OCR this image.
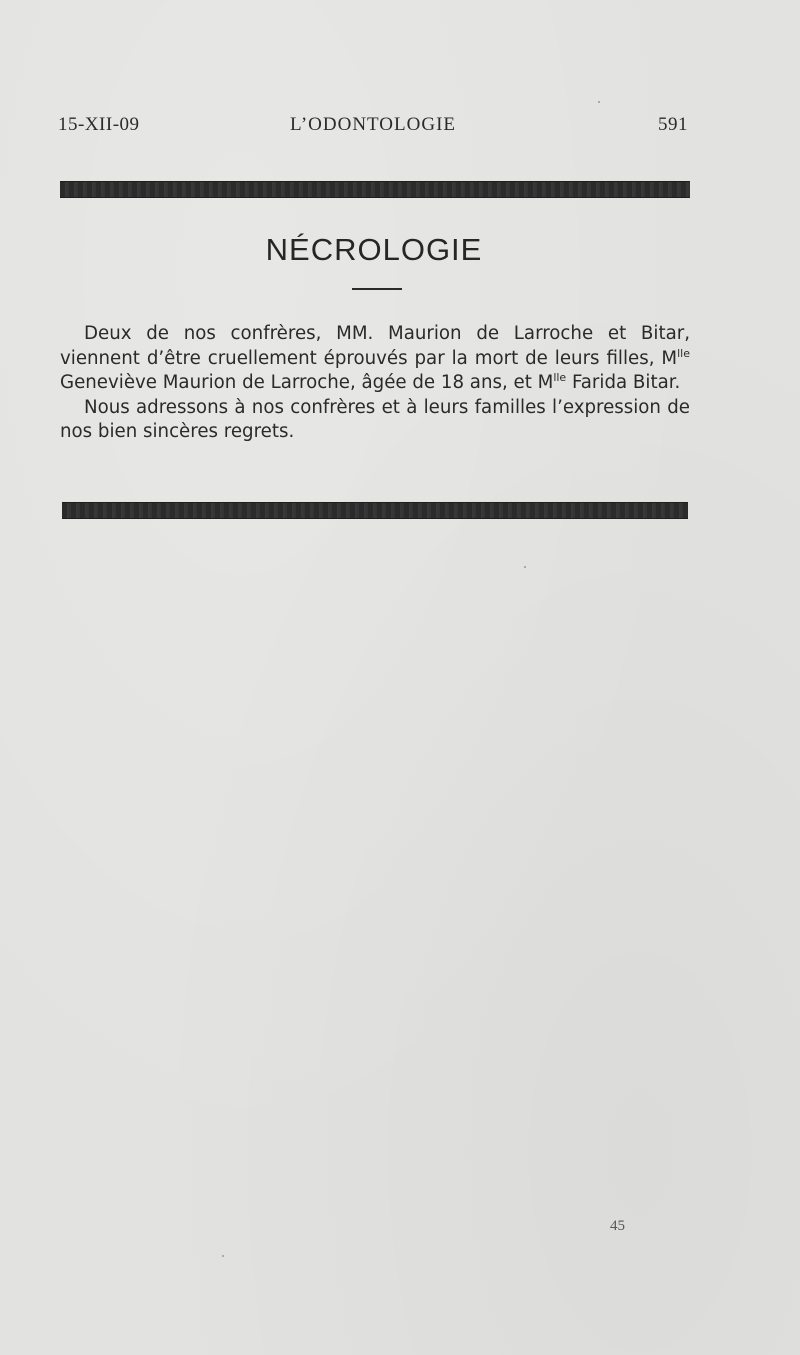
15-XII-09	L’ODONTOLOGIE	591
NÉCROLOGIE

Deux de nos confrères, MM. Maurion de Larroche et Bitar, viennent d’être cruellement éprouvés par la mort de leurs filles, $M^{lle}$ Geneviève Maurion de Larroche, âgée de 18 ans, et $M^{lle}$ Farida Bitar.

Nous adressons à nos confrères et à leurs familles l’expression de nos bien sincères regrets.

45
